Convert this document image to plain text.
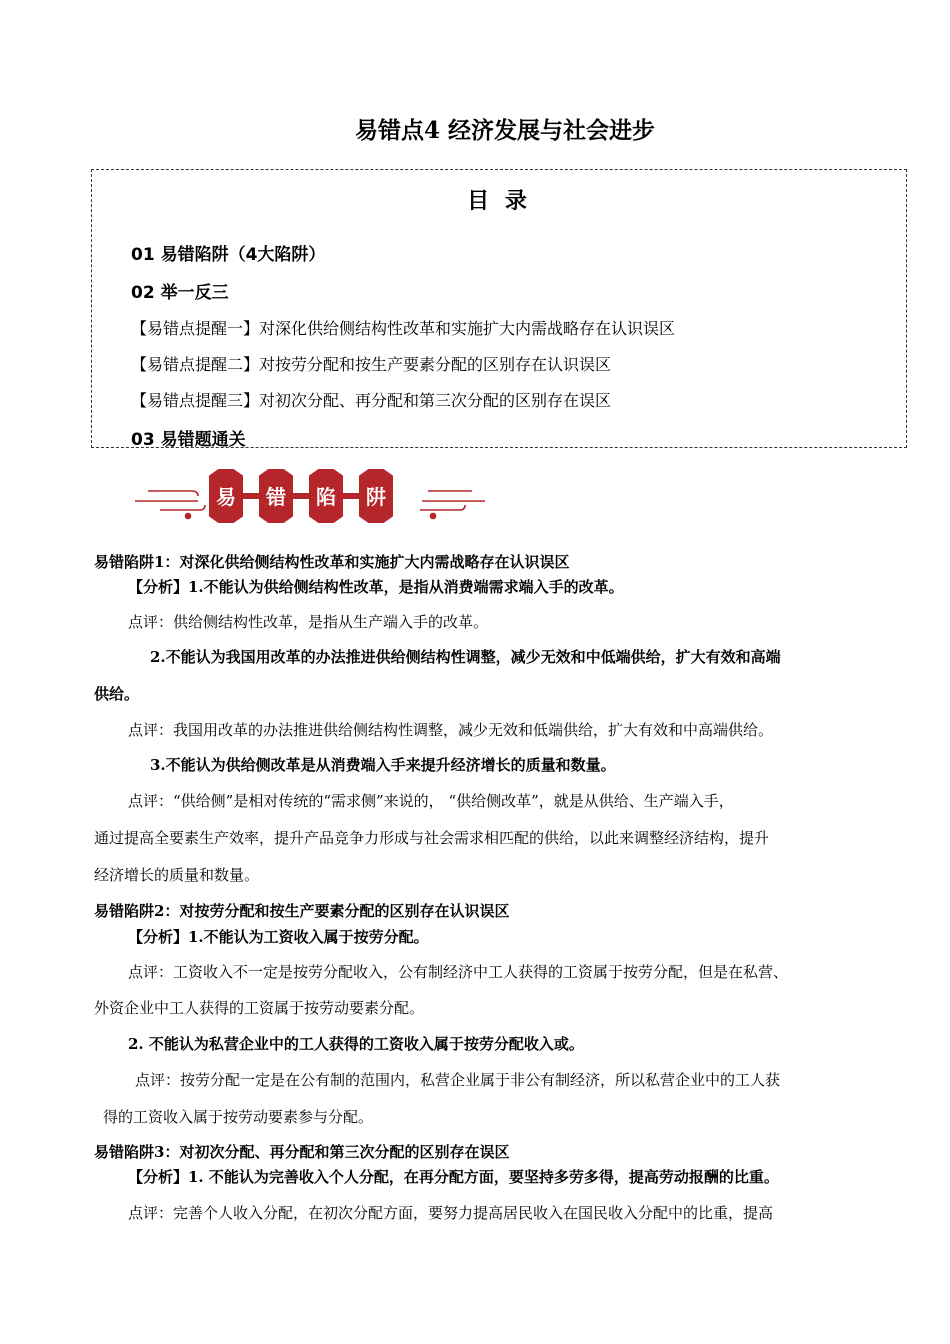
易错点4 经济发展与社会进步
目 录
01 易错陷阱（4大陷阱）
02 举一反三
【易错点提醒一】对深化供给侧结构性改革和实施扩大内需战略存在认识误区
【易错点提醒二】对按劳分配和按生产要素分配的区别存在认识误区
【易错点提醒三】对初次分配、再分配和第三次分配的区别存在误区
03 易错题通关
易 错 陷 阱
易错陷阱1：对深化供给侧结构性改革和实施扩大内需战略存在认识误区
【分析】1.不能认为供给侧结构性改革，是指从消费端需求端入手的改革。
点评：供给侧结构性改革，是指从生产端入手的改革。
2.不能认为我国用改革的办法推进供给侧结构性调整，减少无效和中低端供给，扩大有效和高端
供给。
点评：我国用改革的办法推进供给侧结构性调整，减少无效和低端供给，扩大有效和中高端供给。
3.不能认为供给侧改革是从消费端入手来提升经济增长的质量和数量。
点评：“供给侧”是相对传统的“需求侧”来说的， “供给侧改革”，就是从供给、生产端入手，
通过提高全要素生产效率，提升产品竞争力形成与社会需求相匹配的供给，以此来调整经济结构，提升
经济增长的质量和数量。
易错陷阱2：对按劳分配和按生产要素分配的区别存在认识误区
【分析】1.不能认为工资收入属于按劳分配。
点评：工资收入不一定是按劳分配收入，公有制经济中工人获得的工资属于按劳分配，但是在私营、
外资企业中工人获得的工资属于按劳动要素分配。
2. 不能认为私营企业中的工人获得的工资收入属于按劳分配收入或。
点评：按劳分配一定是在公有制的范围内，私营企业属于非公有制经济，所以私营企业中的工人获
得的工资收入属于按劳动要素参与分配。
易错陷阱3：对初次分配、再分配和第三次分配的区别存在误区
【分析】1. 不能认为完善收入个人分配，在再分配方面，要坚持多劳多得，提高劳动报酬的比重。
点评：完善个人收入分配，在初次分配方面，要努力提高居民收入在国民收入分配中的比重，提高
